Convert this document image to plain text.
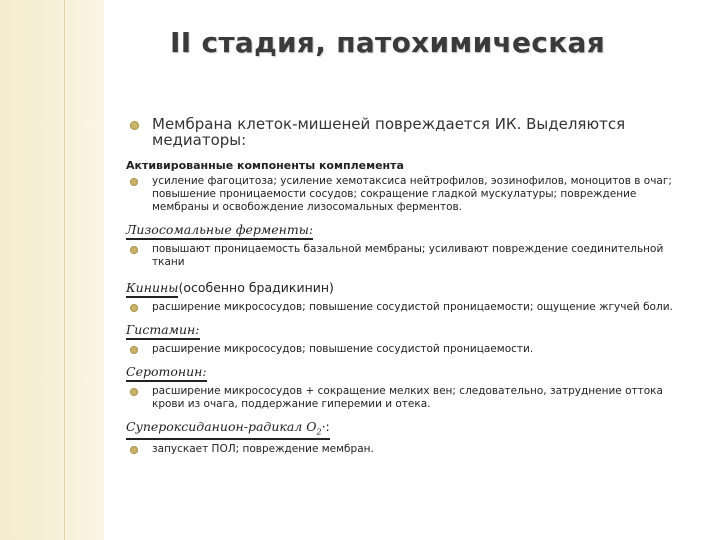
II стадия, патохимическая
Мембрана клеток-мишеней повреждается ИК. Выделяются медиаторы:
Активированные компоненты комплемента
усиление фагоцитоза; усиление хемотаксиса нейтрофилов, эозинофилов, моноцитов в очаг; повышение проницаемости сосудов; сокращение гладкой мускулатуры; повреждение мембраны и освобождение лизосомальных ферментов.
Лизосомальные ферменты:
повышают проницаемость базальной мембраны; усиливают повреждение соединительной ткани
Кинины(особенно брадикинин)
расширение микрососудов; повышение сосудистой проницаемости; ощущение жгучей боли.
Гистамин:
расширение микрососудов; повышение сосудистой проницаемости.
Серотонин:
расширение микрососудов + сокращение мелких вен; следовательно, затруднение оттока крови из очага, поддержание гиперемии и отека.
Супероксиданион-радикал $О_2\cdot$:
запускает ПОЛ; повреждение мембран.
